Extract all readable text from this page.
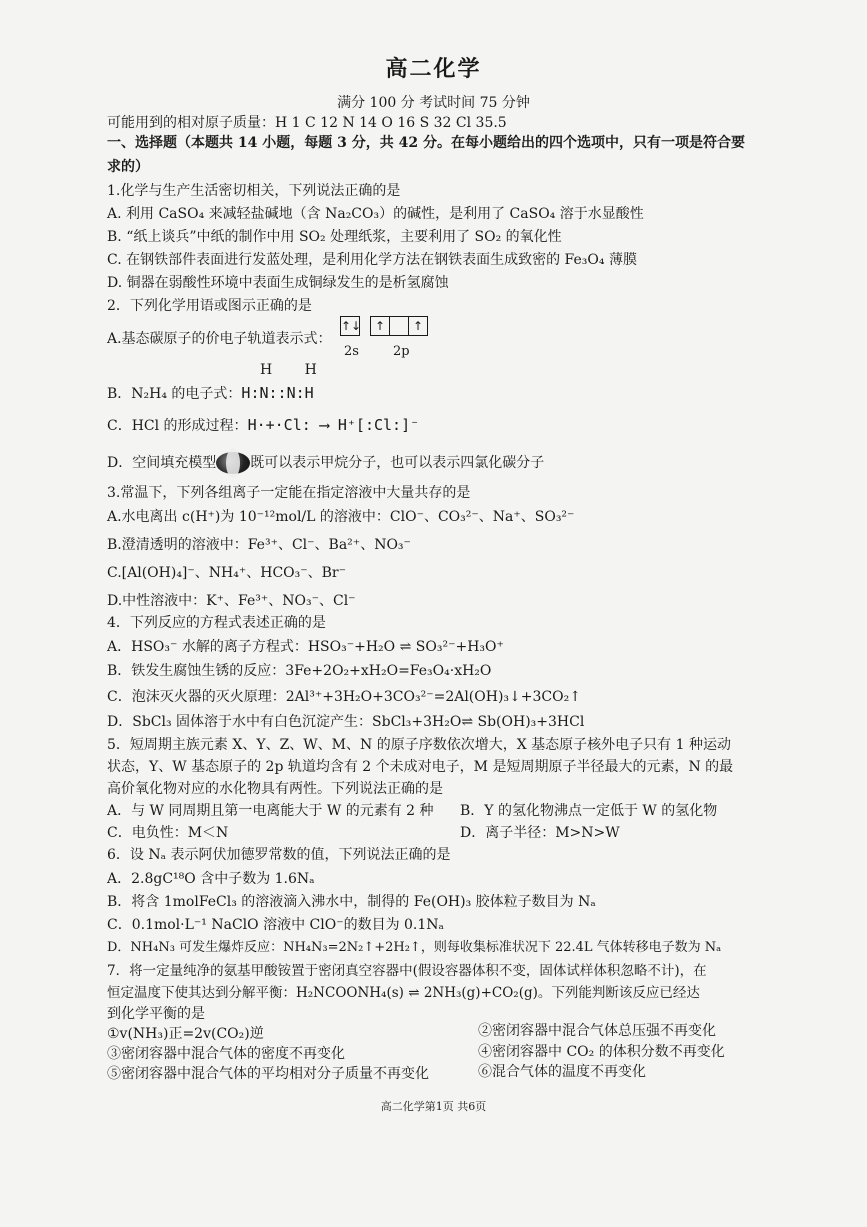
高二化学
满分 100 分 考试时间 75 分钟
可能用到的相对原子质量：H 1 C 12 N 14 O 16 S 32 Cl 35.5
一、选择题（本题共 14 小题，每题 3 分，共 42 分。在每小题给出的四个选项中，只有一项是符合要
求的）
1.化学与生产生活密切相关，下列说法正确的是
A. 利用 CaSO₄ 来减轻盐碱地（含 Na₂CO₃）的碱性，是利用了 CaSO₄ 溶于水显酸性
B. “纸上谈兵”中纸的制作中用 SO₂ 处理纸浆，主要利用了 SO₂ 的氧化性
C. 在钢铁部件表面进行发蓝处理，是利用化学方法在钢铁表面生成致密的 Fe₃O₄ 薄膜
D. 铜器在弱酸性环境中表面生成铜绿发生的是析氢腐蚀
2．下列化学用语或图示正确的是
A.基态碳原子的价电子轨道表示式：
↑↓	↑	↑
2s	2p
H H
B．N₂H₄ 的电子式：H:N::N:H
C．HCl 的形成过程：H·+·Cl: ⟶ H⁺[:Cl:]⁻
D．空间填充模型 既可以表示甲烷分子，也可以表示四氯化碳分子
3.常温下，下列各组离子一定能在指定溶液中大量共存的是
A.水电离出 c(H⁺)为 10⁻¹²mol/L 的溶液中：ClO⁻、CO₃²⁻、Na⁺、SO₃²⁻
B.澄清透明的溶液中：Fe³⁺、Cl⁻、Ba²⁺、NO₃⁻
C.[Al(OH)₄]⁻、NH₄⁺、HCO₃⁻、Br⁻
D.中性溶液中：K⁺、Fe³⁺、NO₃⁻、Cl⁻
4．下列反应的方程式表述正确的是
A．HSO₃⁻ 水解的离子方程式：HSO₃⁻+H₂O ⇌ SO₃²⁻+H₃O⁺
B．铁发生腐蚀生锈的反应：3Fe+2O₂+xH₂O=Fe₃O₄·xH₂O
C．泡沫灭火器的灭火原理：2Al³⁺+3H₂O+3CO₃²⁻=2Al(OH)₃↓+3CO₂↑
D．SbCl₃ 固体溶于水中有白色沉淀产生：SbCl₃+3H₂O⇌ Sb(OH)₃+3HCl
5．短周期主族元素 X、Y、Z、W、M、N 的原子序数依次增大，X 基态原子核外电子只有 1 种运动
状态，Y、W 基态原子的 2p 轨道均含有 2 个未成对电子，M 是短周期原子半径最大的元素，N 的最
高价氧化物对应的水化物具有两性。下列说法正确的是
A．与 W 同周期且第一电离能大于 W 的元素有 2 种 B．Y 的氢化物沸点一定低于 W 的氢化物
C．电负性：M＜N	D．离子半径：M>N>W
6．设 Nₐ 表示阿伏加德罗常数的值，下列说法正确的是
A．2.8gC¹⁸O 含中子数为 1.6Nₐ
B．将含 1molFeCl₃ 的溶液滴入沸水中，制得的 Fe(OH)₃ 胶体粒子数目为 Nₐ
C．0.1mol·L⁻¹ NaClO 溶液中 ClO⁻的数目为 0.1Nₐ
D．NH₄N₃ 可发生爆炸反应：NH₄N₃=2N₂↑+2H₂↑，则每收集标准状况下 22.4L 气体转移电子数为 Nₐ
7．将一定量纯净的氨基甲酸铵置于密闭真空容器中(假设容器体积不变，固体试样体积忽略不计)，在
恒定温度下使其达到分解平衡：H₂NCOONH₄(s) ⇌ 2NH₃(g)+CO₂(g)。下列能判断该反应已经达
到化学平衡的是
①v(NH₃)正=2v(CO₂)逆	②密闭容器中混合气体总压强不再变化
③密闭容器中混合气体的密度不再变化	④密闭容器中 CO₂ 的体积分数不再变化
⑤密闭容器中混合气体的平均相对分子质量不再变化	⑥混合气体的温度不再变化
高二化学第1页 共6页
